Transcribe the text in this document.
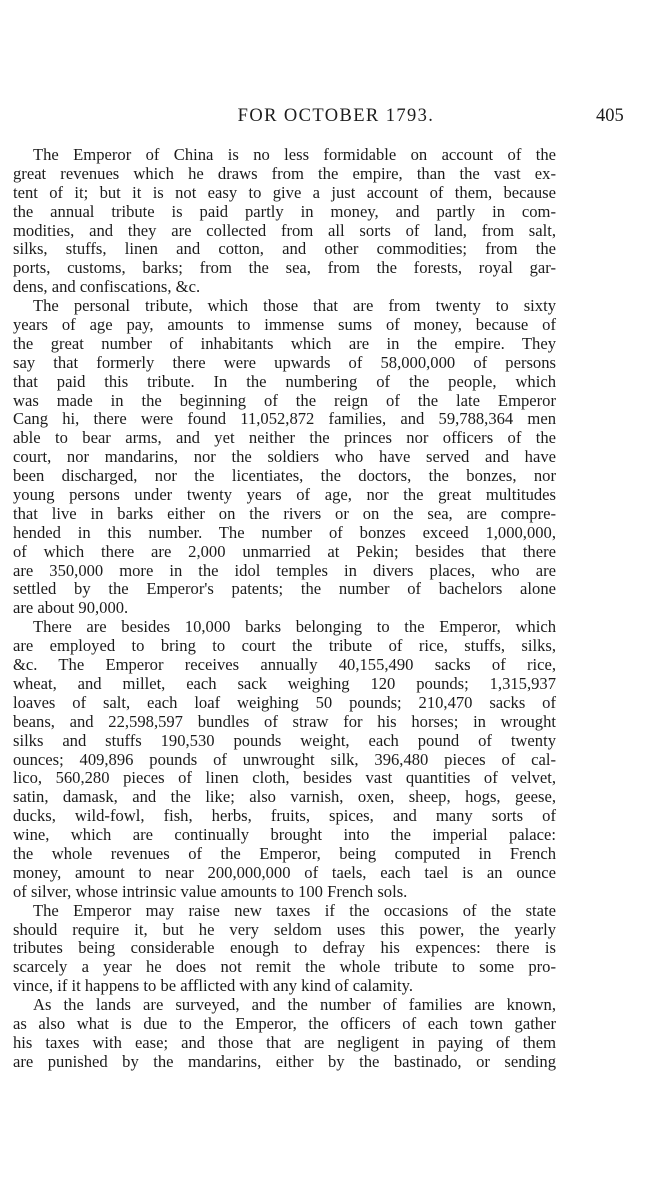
FOR OCTOBER 1793.	405
The Emperor of China is no less formidable on account of the
great revenues which he draws from the empire, than the vast ex-
tent of it; but it is not easy to give a just account of them, because
the annual tribute is paid partly in money, and partly in com-
modities, and they are collected from all sorts of land, from salt,
silks, stuffs, linen and cotton, and other commodities; from the
ports, customs, barks; from the sea, from the forests, royal gar-
dens, and confiscations, &c.
The personal tribute, which those that are from twenty to sixty
years of age pay, amounts to immense sums of money, because of
the great number of inhabitants which are in the empire. They
say that formerly there were upwards of 58,000,000 of persons
that paid this tribute. In the numbering of the people, which
was made in the beginning of the reign of the late Emperor
Cang hi, there were found 11,052,872 families, and 59,788,364 men
able to bear arms, and yet neither the princes nor officers of the
court, nor mandarins, nor the soldiers who have served and have
been discharged, nor the licentiates, the doctors, the bonzes, nor
young persons under twenty years of age, nor the great multitudes
that live in barks either on the rivers or on the sea, are compre-
hended in this number. The number of bonzes exceed 1,000,000,
of which there are 2,000 unmarried at Pekin; besides that there
are 350,000 more in the idol temples in divers places, who are
settled by the Emperor's patents; the number of bachelors alone
are about 90,000.
There are besides 10,000 barks belonging to the Emperor, which
are employed to bring to court the tribute of rice, stuffs, silks,
&c. The Emperor receives annually 40,155,490 sacks of rice,
wheat, and millet, each sack weighing 120 pounds; 1,315,937
loaves of salt, each loaf weighing 50 pounds; 210,470 sacks of
beans, and 22,598,597 bundles of straw for his horses; in wrought
silks and stuffs 190,530 pounds weight, each pound of twenty
ounces; 409,896 pounds of unwrought silk, 396,480 pieces of cal-
lico, 560,280 pieces of linen cloth, besides vast quantities of velvet,
satin, damask, and the like; also varnish, oxen, sheep, hogs, geese,
ducks, wild-fowl, fish, herbs, fruits, spices, and many sorts of
wine, which are continually brought into the imperial palace:
the whole revenues of the Emperor, being computed in French
money, amount to near 200,000,000 of taels, each tael is an ounce
of silver, whose intrinsic value amounts to 100 French sols.
The Emperor may raise new taxes if the occasions of the state
should require it, but he very seldom uses this power, the yearly
tributes being considerable enough to defray his expences: there is
scarcely a year he does not remit the whole tribute to some pro-
vince, if it happens to be afflicted with any kind of calamity.
As the lands are surveyed, and the number of families are known,
as also what is due to the Emperor, the officers of each town gather
his taxes with ease; and those that are negligent in paying of them
are punished by the mandarins, either by the bastinado, or sending
